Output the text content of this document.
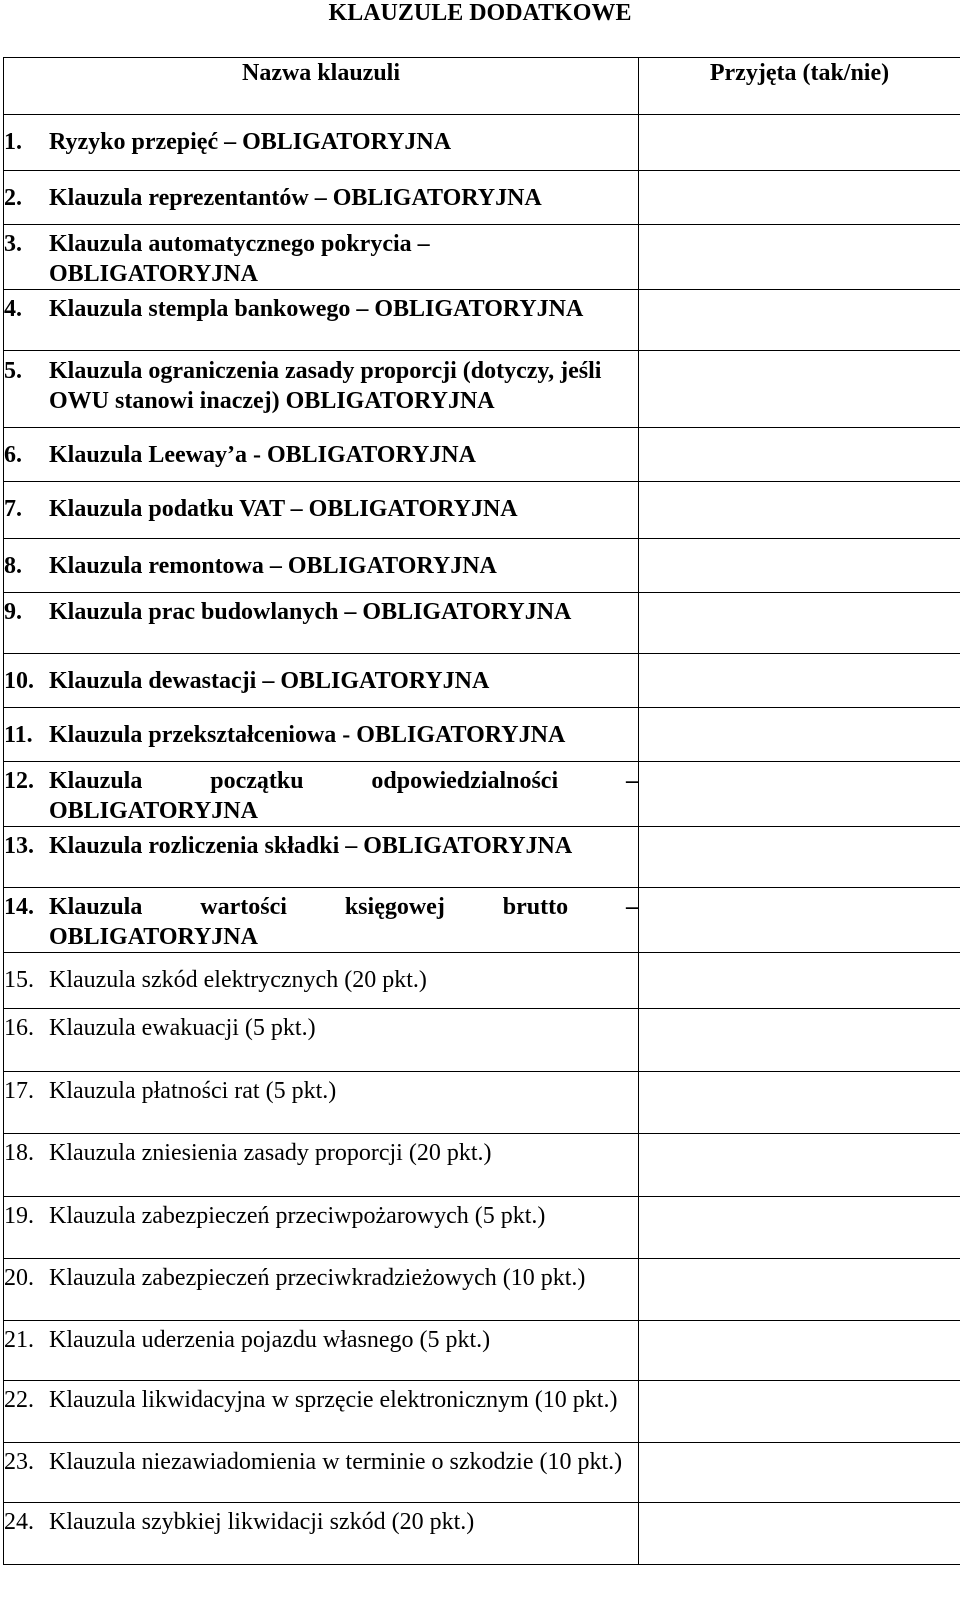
KLAUZULE DODATKOWE
Nazwa klauzuli	Przyjęta (tak/nie)

1. Ryzyko przepięć – OBLIGATORYJNA	

2. Klauzula reprezentantów – OBLIGATORYJNA	

3. Klauzula automatycznego pokrycia – OBLIGATORYJNA	

4. Klauzula stempla bankowego – OBLIGATORYJNA	

5. Klauzula ograniczenia zasady proporcji (dotyczy, jeśli OWU stanowi inaczej) OBLIGATORYJNA	

6. Klauzula Leeway’a - OBLIGATORYJNA	

7. Klauzula podatku VAT – OBLIGATORYJNA	

8. Klauzula remontowa – OBLIGATORYJNA	

9. Klauzula prac budowlanych – OBLIGATORYJNA	

10. Klauzula dewastacji – OBLIGATORYJNA	

11. Klauzula przekształceniowa - OBLIGATORYJNA	

12. Klauzula początku odpowiedzialności – OBLIGATORYJNA	

13. Klauzula rozliczenia składki – OBLIGATORYJNA	

14. Klauzula wartości księgowej brutto – OBLIGATORYJNA	

15. Klauzula szkód elektrycznych (20 pkt.)	

16. Klauzula ewakuacji (5 pkt.)	

17. Klauzula płatności rat (5 pkt.)	

18. Klauzula zniesienia zasady proporcji (20 pkt.)	

19. Klauzula zabezpieczeń przeciwpożarowych (5 pkt.)	

20. Klauzula zabezpieczeń przeciwkradzieżowych (10 pkt.)	

21. Klauzula uderzenia pojazdu własnego (5 pkt.)	

22. Klauzula likwidacyjna w sprzęcie elektronicznym (10 pkt.)	

23. Klauzula niezawiadomienia w terminie o szkodzie (10 pkt.)	

24. Klauzula szybkiej likwidacji szkód (20 pkt.)	
